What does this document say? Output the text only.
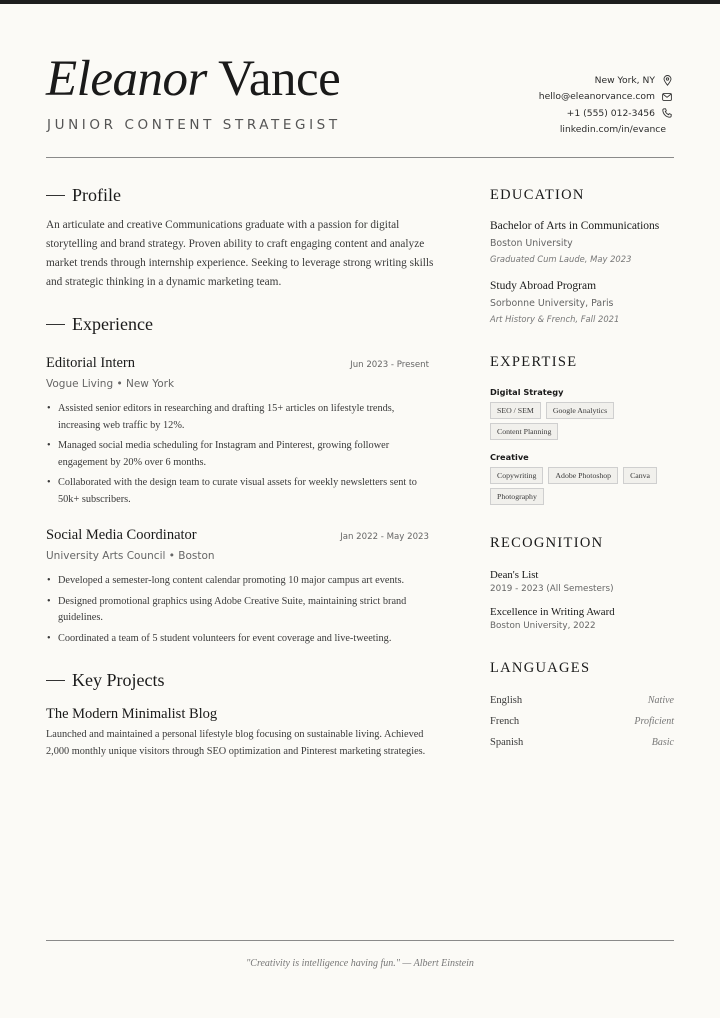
Eleanor Vance
JUNIOR CONTENT STRATEGIST
New York, NY
hello@eleanorvance.com
+1 (555) 012-3456
linkedin.com/in/evance
Profile
An articulate and creative Communications graduate with a passion for digital storytelling and brand strategy. Proven ability to craft engaging content and analyze market trends through internship experience. Seeking to leverage strong writing skills and strategic thinking in a dynamic marketing team.
Experience
Editorial Intern	Jun 2023 - Present
Vogue Living • New York
• Assisted senior editors in researching and drafting 15+ articles on lifestyle trends, increasing web traffic by 12%.
• Managed social media scheduling for Instagram and Pinterest, growing follower engagement by 20% over 6 months.
• Collaborated with the design team to curate visual assets for weekly newsletters sent to 50k+ subscribers.
Social Media Coordinator	Jan 2022 - May 2023
University Arts Council • Boston
• Developed a semester-long content calendar promoting 10 major campus art events.
• Designed promotional graphics using Adobe Creative Suite, maintaining strict brand guidelines.
• Coordinated a team of 5 student volunteers for event coverage and live-tweeting.
Key Projects
The Modern Minimalist Blog
Launched and maintained a personal lifestyle blog focusing on sustainable living. Achieved 2,000 monthly unique visitors through SEO optimization and Pinterest marketing strategies.
EDUCATION
Bachelor of Arts in Communications
Boston University
Graduated Cum Laude, May 2023
Study Abroad Program
Sorbonne University, Paris
Art History & French, Fall 2021
EXPERTISE
Digital Strategy
SEO / SEM	Google Analytics
Content Planning
Creative
Copywriting	Adobe Photoshop	Canva
Photography
RECOGNITION
Dean's List
2019 - 2023 (All Semesters)
Excellence in Writing Award
Boston University, 2022
LANGUAGES
English	Native
French	Proficient
Spanish	Basic
"Creativity is intelligence having fun." — Albert Einstein
